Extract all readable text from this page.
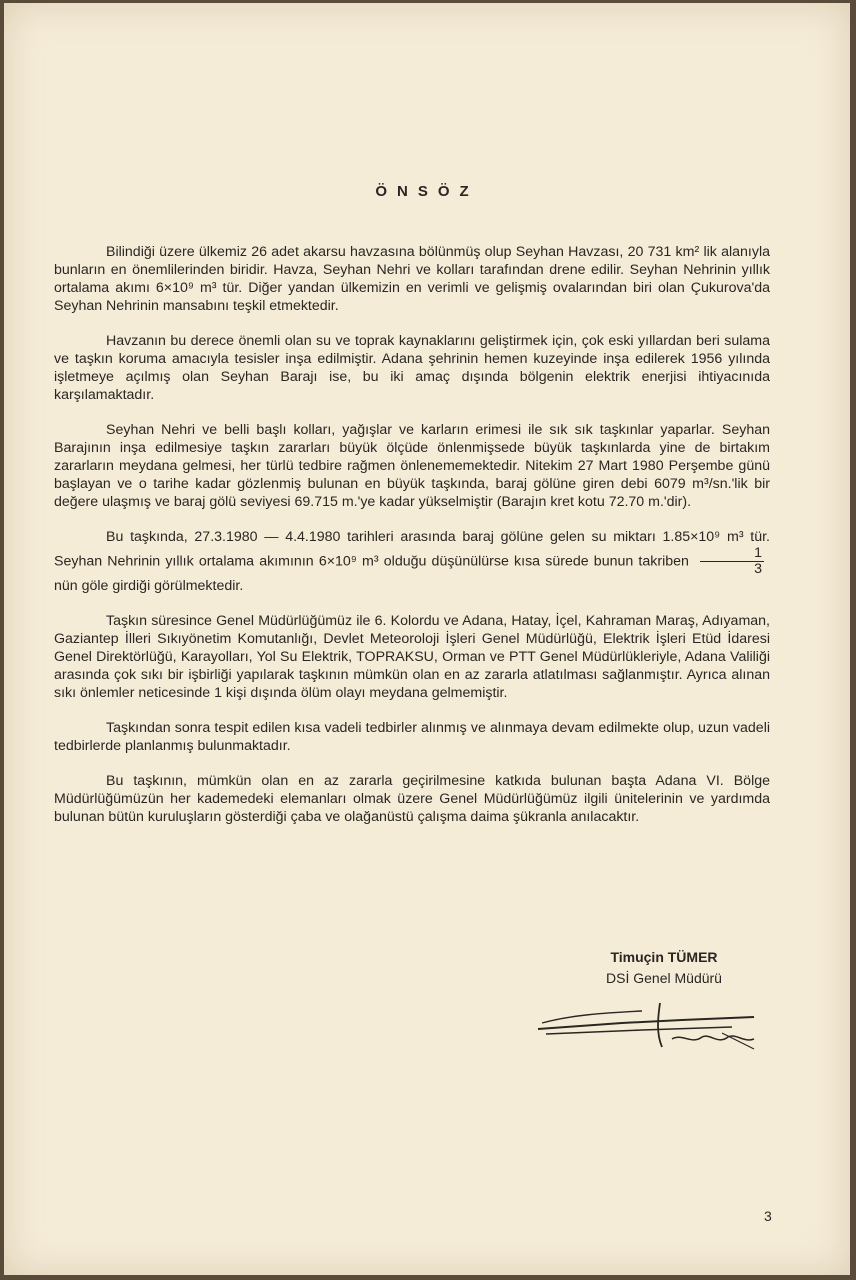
ÖNSÖZ

Bilindiği üzere ülkemiz 26 adet akarsu havzasına bölünmüş olup Seyhan Havzası, 20 731 km² lik alanıyla bunların en önemlilerinden biridir. Havza, Seyhan Nehri ve kolları tarafından drene edilir. Seyhan Nehrinin yıllık ortalama akımı 6×10⁹ m³ tür. Diğer yandan ülkemizin en verimli ve gelişmiş ovalarından biri olan Çukurova'da Seyhan Nehrinin mansabını teşkil etmektedir.

Havzanın bu derece önemli olan su ve toprak kaynaklarını geliştirmek için, çok eski yıllardan beri sulama ve taşkın koruma amacıyla tesisler inşa edilmiştir. Adana şehrinin hemen kuzeyinde inşa edilerek 1956 yılında işletmeye açılmış olan Seyhan Barajı ise, bu iki amaç dışında bölgenin elektrik enerjisi ihtiyacınıda karşılamaktadır.

Seyhan Nehri ve belli başlı kolları, yağışlar ve karların erimesi ile sık sık taşkınlar yaparlar. Seyhan Barajının inşa edilmesiye taşkın zararları büyük ölçüde önlenmişsede büyük taşkınlarda yine de birtakım zararların meydana gelmesi, her türlü tedbire rağmen önlenememektedir. Nitekim 27 Mart 1980 Perşembe günü başlayan ve o tarihe kadar gözlenmiş bulunan en büyük taşkında, baraj gölüne giren debi 6079 m³/sn.'lik bir değere ulaşmış ve baraj gölü seviyesi 69.715 m.'ye kadar yükselmiştir (Barajın kret kotu 72.70 m.'dir).

Bu taşkında, 27.3.1980 — 4.4.1980 tarihleri arasında baraj gölüne gelen su miktarı 1.85×10⁹ m³ tür. Seyhan Nehrinin yıllık ortalama akımının 6×10⁹ m³ olduğu düşünülürse kısa sürede bunun takriben $\frac{1}{3}$
nün göle girdiği görülmektedir.

Taşkın süresince Genel Müdürlüğümüz ile 6. Kolordu ve Adana, Hatay, İçel, Kahraman Maraş, Adıyaman, Gaziantep İlleri Sıkıyönetim Komutanlığı, Devlet Meteoroloji İşleri Genel Müdürlüğü, Elektrik İşleri Etüd İdaresi Genel Direktörlüğü, Karayolları, Yol Su Elektrik, TOPRAKSU, Orman ve PTT Genel Müdürlükleriyle, Adana Valiliği arasında çok sıkı bir işbirliği yapılarak taşkının mümkün olan en az zararla atlatılması sağlanmıştır. Ayrıca alınan sıkı önlemler neticesinde 1 kişi dışında ölüm olayı meydana gelmemiştir.

Taşkından sonra tespit edilen kısa vadeli tedbirler alınmış ve alınmaya devam edilmekte olup, uzun vadeli tedbirlerde planlanmış bulunmaktadır.

Bu taşkının, mümkün olan en az zararla geçirilmesine katkıda bulunan başta Adana VI. Bölge Müdürlüğümüzün her kademedeki elemanları olmak üzere Genel Müdürlüğümüz ilgili ünitelerinin ve yardımda bulunan bütün kuruluşların gösterdiği çaba ve olağanüstü çalışma daima şükranla anılacaktır.

Timuçin TÜMER
DSİ Genel Müdürü
3
